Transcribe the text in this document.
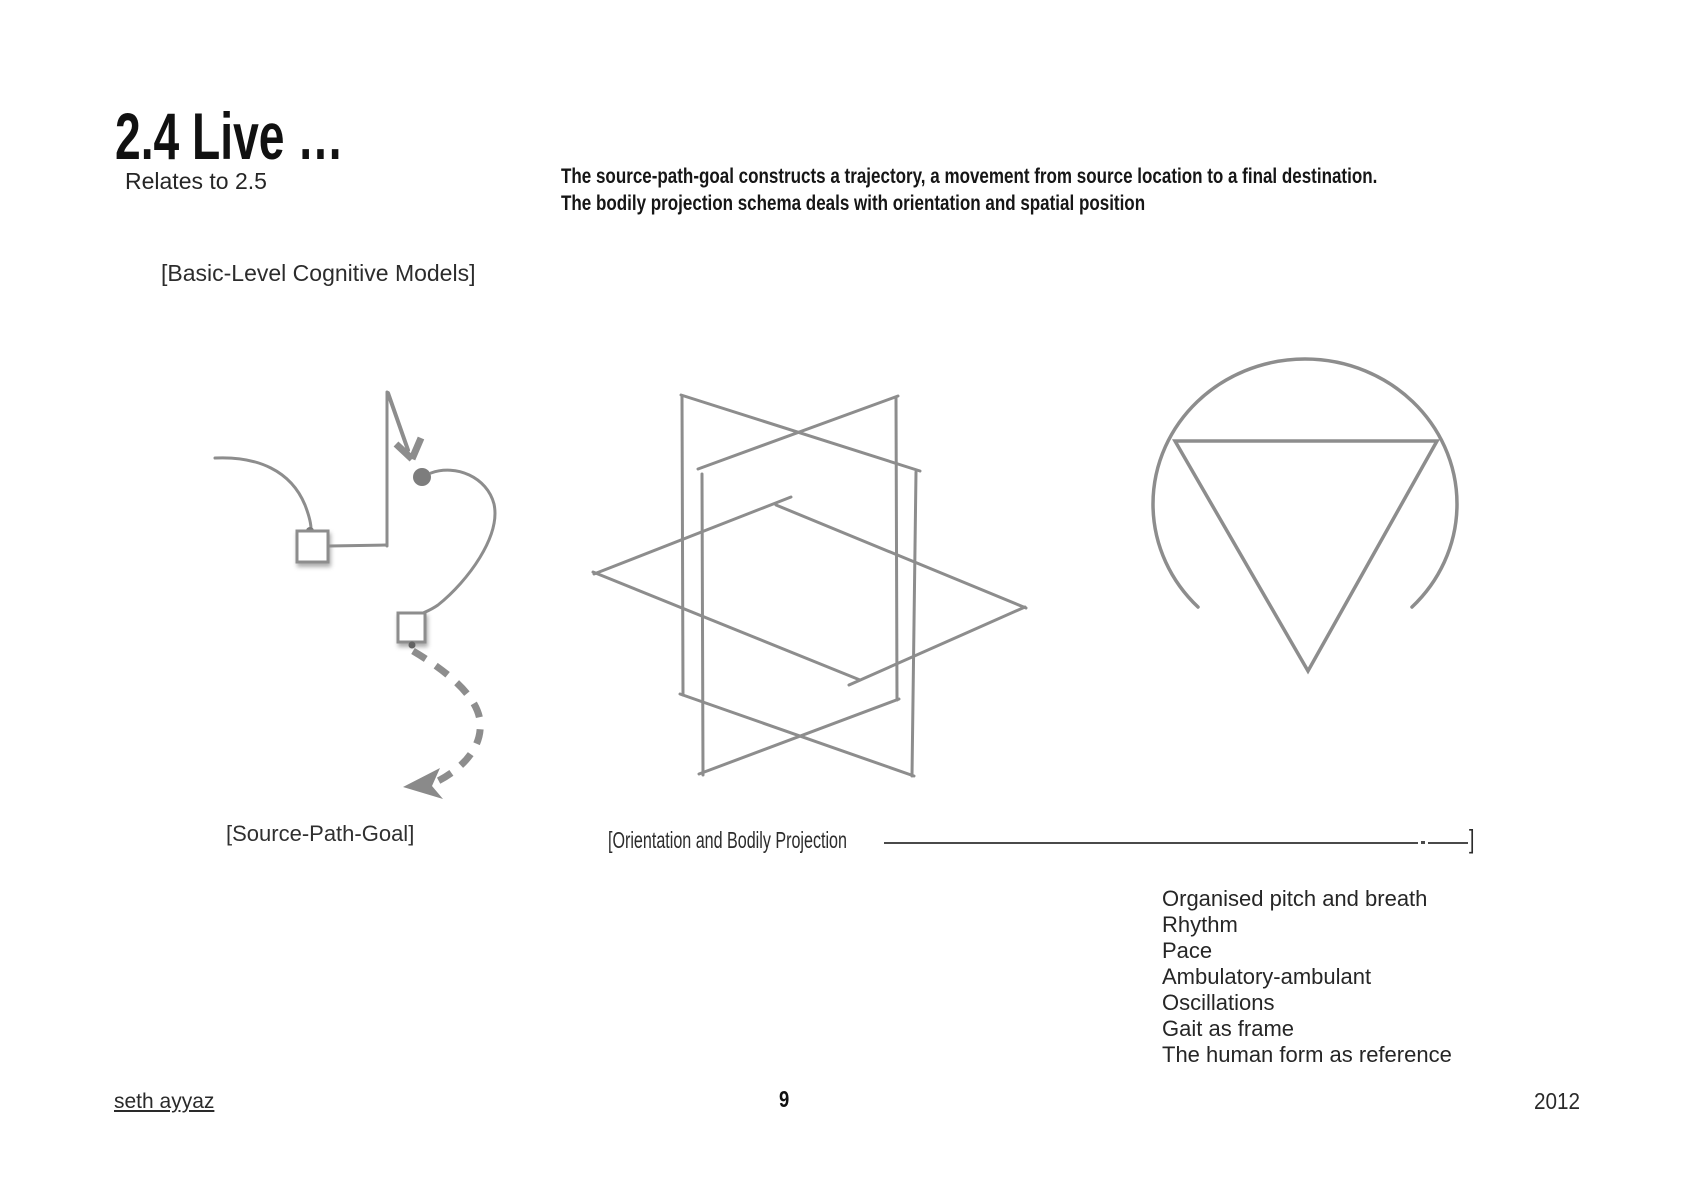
2.4 Live …
Relates to 2.5	The source-path-goal constructs a trajectory, a movement from source location to a final destination.
The bodily projection schema deals with orientation and spatial position
[Basic-Level Cognitive Models]
[Source-Path-Goal]	[Orientation and Bodily Projection	]
Organised pitch and breath
Rhythm
Pace
Ambulatory-ambulant
Oscillations
Gait as frame
The human form as reference
seth ayyaz	9	2012
